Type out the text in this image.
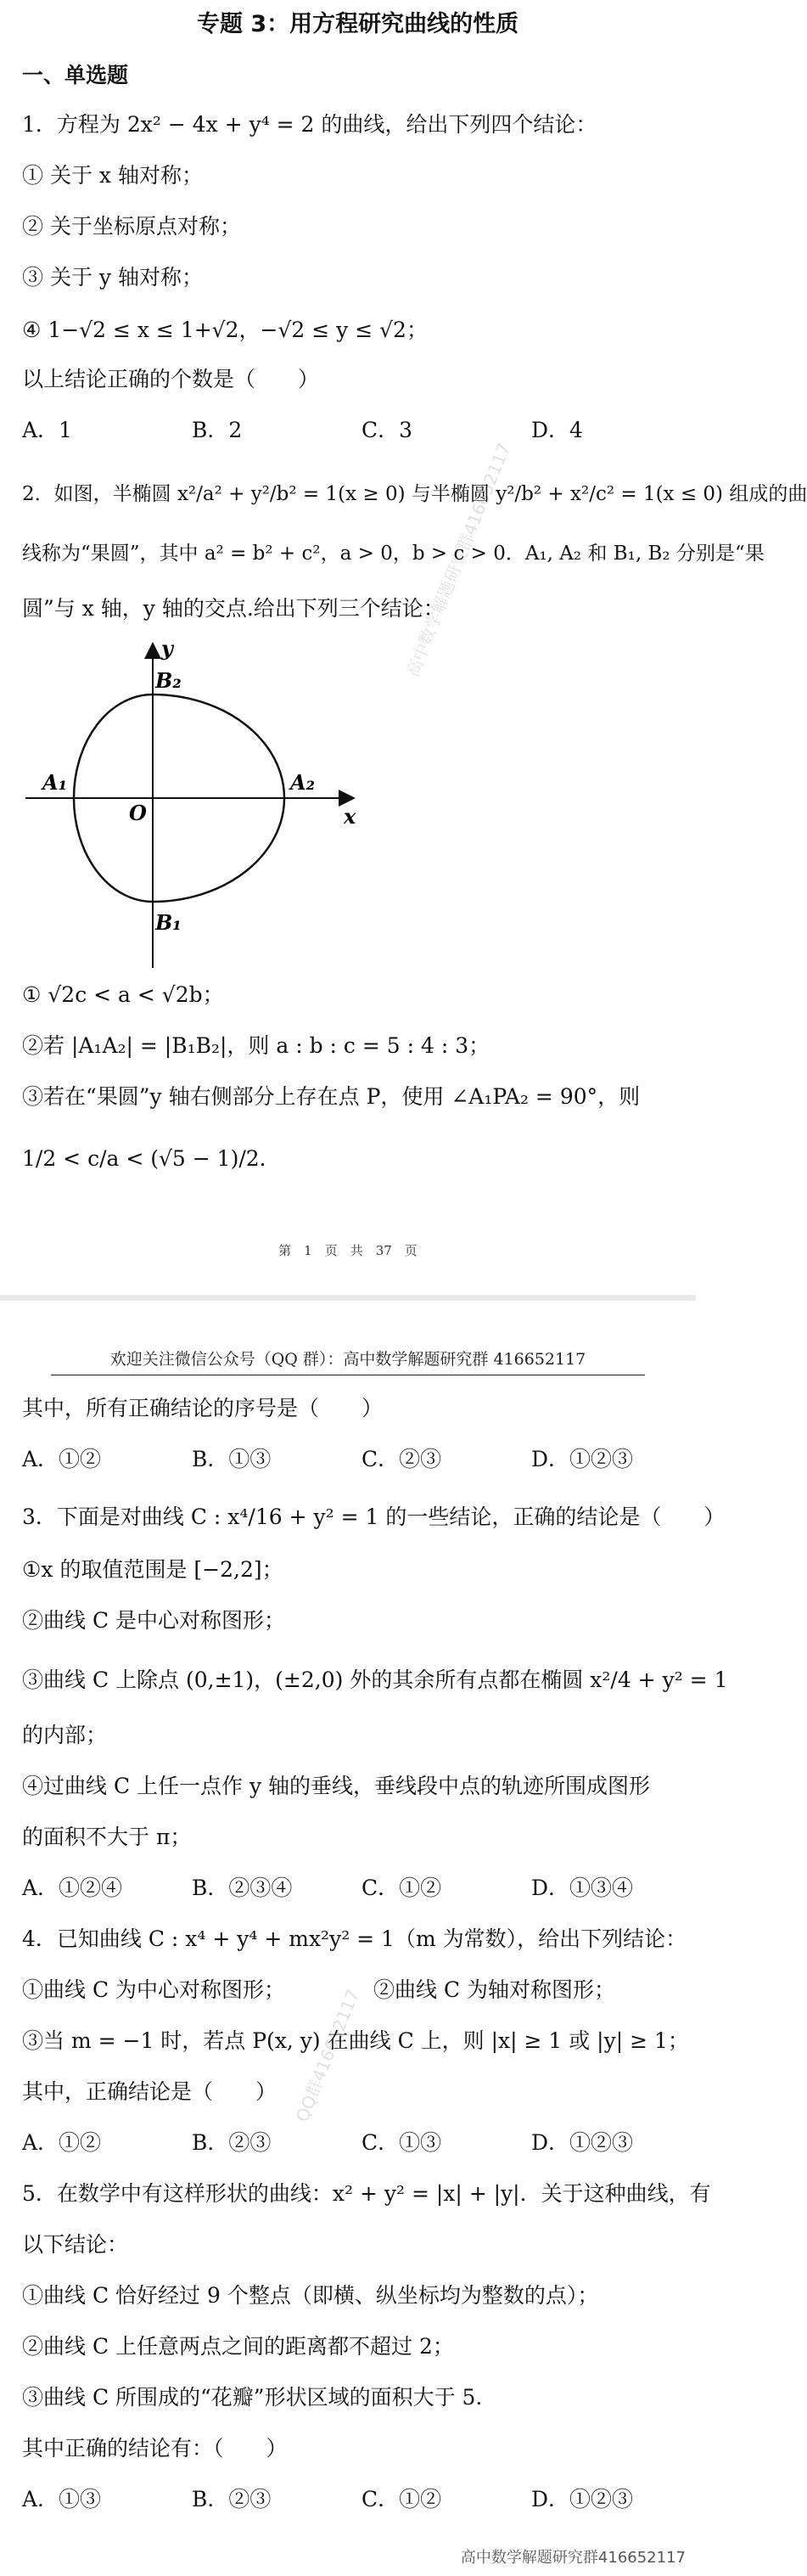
专题 3：用方程研究曲线的性质
一、单选题
1．方程为 2x² − 4x + y⁴ = 2 的曲线，给出下列四个结论：
① 关于 x 轴对称；
② 关于坐标原点对称；
③ 关于 y 轴对称；
④ 1−√2 ≤ x ≤ 1+√2，−√2 ≤ y ≤ √2；
以上结论正确的个数是（　　）
A．1	B．2	C．3	D．4
2．如图，半椭圆 x²/a² + y²/b² = 1(x ≥ 0) 与半椭圆 y²/b² + x²/c² = 1(x ≤ 0) 组成的曲
线称为“果圆”，其中 a² = b² + c²，a > 0，b > c > 0．A₁, A₂ 和 B₁, B₂ 分别是“果
圆”与 x 轴，y 轴的交点.给出下列三个结论：
y
x
B₂
B₁
A₁	A₂
O
① √2c < a < √2b；
②若 |A₁A₂| = |B₁B₂|，则 a : b : c = 5 : 4 : 3；
③若在“果圆”y 轴右侧部分上存在点 P，使用 ∠A₁PA₂ = 90°，则
1/2 < c/a < (√5 − 1)/2．
第　1　页　共　37　页
高中数学解题研究群416652117
欢迎关注微信公众号（QQ 群）：高中数学解题研究群 416652117
其中，所有正确结论的序号是（　　）
A．①②	B．①③	C．②③	D．①②③
3．下面是对曲线 C : x⁴/16 + y² = 1 的一些结论，正确的结论是（　　）
①x 的取值范围是 [−2,2]；
②曲线 C 是中心对称图形；
③曲线 C 上除点 (0,±1)，(±2,0) 外的其余所有点都在椭圆 x²/4 + y² = 1
的内部；
④过曲线 C 上任一点作 y 轴的垂线，垂线段中点的轨迹所围成图形
的面积不大于 π；
A．①②④	B．②③④	C．①②	D．①③④
4．已知曲线 C : x⁴ + y⁴ + mx²y² = 1（m 为常数），给出下列结论：
①曲线 C 为中心对称图形；	②曲线 C 为轴对称图形；
③当 m = −1 时，若点 P(x, y) 在曲线 C 上，则 |x| ≥ 1 或 |y| ≥ 1；
其中，正确结论是（　　）
A．①②	B．②③	C．①③	D．①②③
5．在数学中有这样形状的曲线：x² + y² = |x| + |y|．关于这种曲线，有
以下结论：
①曲线 C 恰好经过 9 个整点（即横、纵坐标均为整数的点）；
②曲线 C 上任意两点之间的距离都不超过 2；
③曲线 C 所围成的“花瓣”形状区域的面积大于 5．
其中正确的结论有：（　　）
A．①③	B．②③	C．①②	D．①②③
QQ群416652117
高中数学解题研究群416652117
